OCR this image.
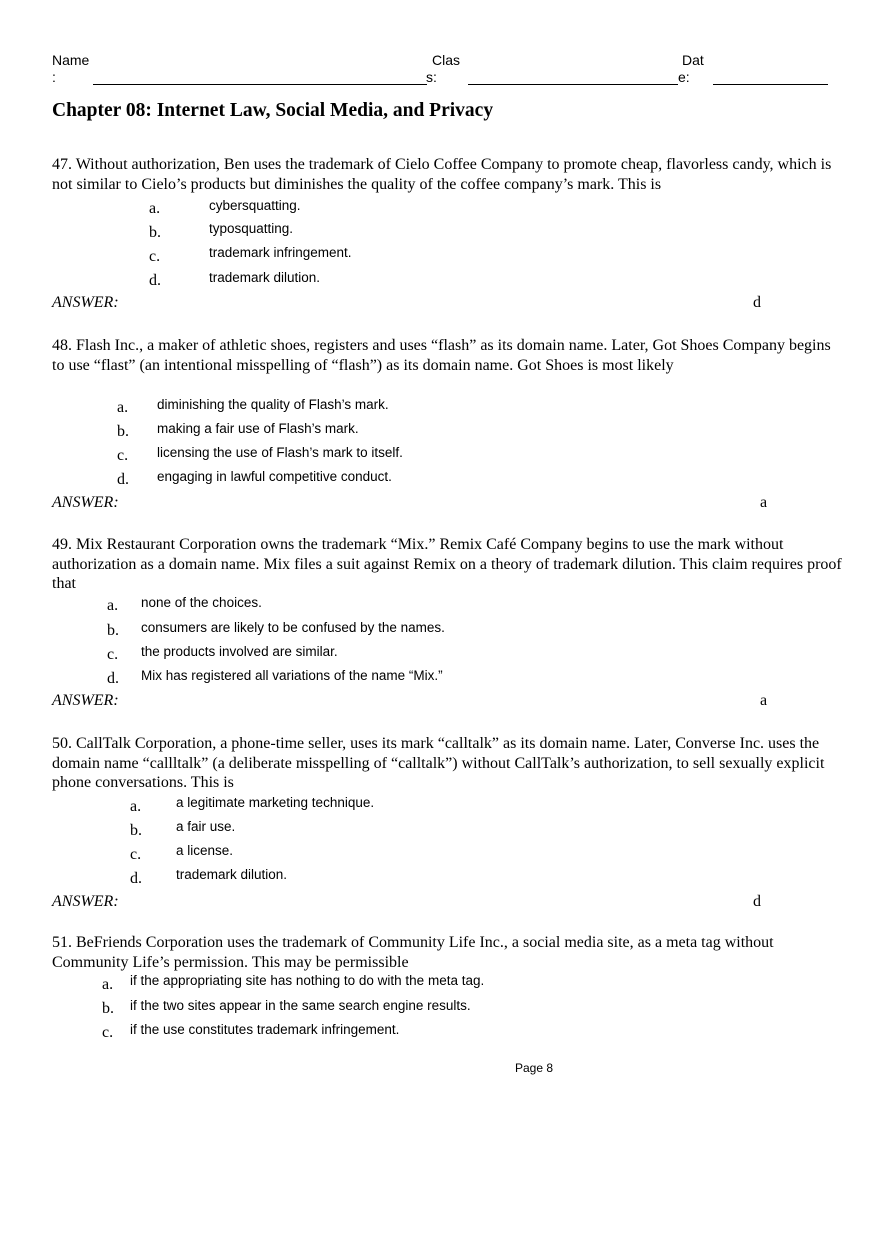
Name
:
Clas
s:
Dat
e:
Chapter 08: Internet Law, Social Media, and Privacy
47. Without authorization, Ben uses the trademark of Cielo Coffee Company to promote cheap, flavorless candy, which is not similar to Cielo’s products but diminishes the quality of the coffee company’s mark. This is
a.	cybersquatting.
b.	typosquatting.
c.	trademark infringement.
d.	trademark dilution.
ANSWER:	d
48. Flash Inc., a maker of athletic shoes, registers and uses “flash” as its domain name. Later, Got Shoes Company begins to use “flast” (an intentional misspelling of “flash”) as its domain name. Got Shoes is most likely
a. diminishing the quality of Flash’s mark.
b. making a fair use of Flash’s mark.
c. licensing the use of Flash’s mark to itself.
d. engaging in lawful competitive conduct.
ANSWER:	a
49. Mix Restaurant Corporation owns the trademark “Mix.” Remix Café Company begins to use the mark without authorization as a domain name. Mix files a suit against Remix on a theory of trademark dilution. This claim requires proof that
a. none of the choices.
b. consumers are likely to be confused by the names.
c. the products involved are similar.
d. Mix has registered all variations of the name “Mix.”
ANSWER:	a
50. CallTalk Corporation, a phone-time seller, uses its mark “calltalk” as its domain name. Later, Converse Inc. uses the domain name “callltalk” (a deliberate misspelling of “calltalk”) without CallTalk’s authorization, to sell sexually explicit phone conversations. This is
a.	a legitimate marketing technique.
b.	a fair use.
c.	a license.
d.	trademark dilution.
ANSWER:	d
51. BeFriends Corporation uses the trademark of Community Life Inc., a social media site, as a meta tag without Community Life’s permission. This may be permissible
a. if the appropriating site has nothing to do with the meta tag.
b. if the two sites appear in the same search engine results.
c. if the use constitutes trademark infringement.
Page 8
